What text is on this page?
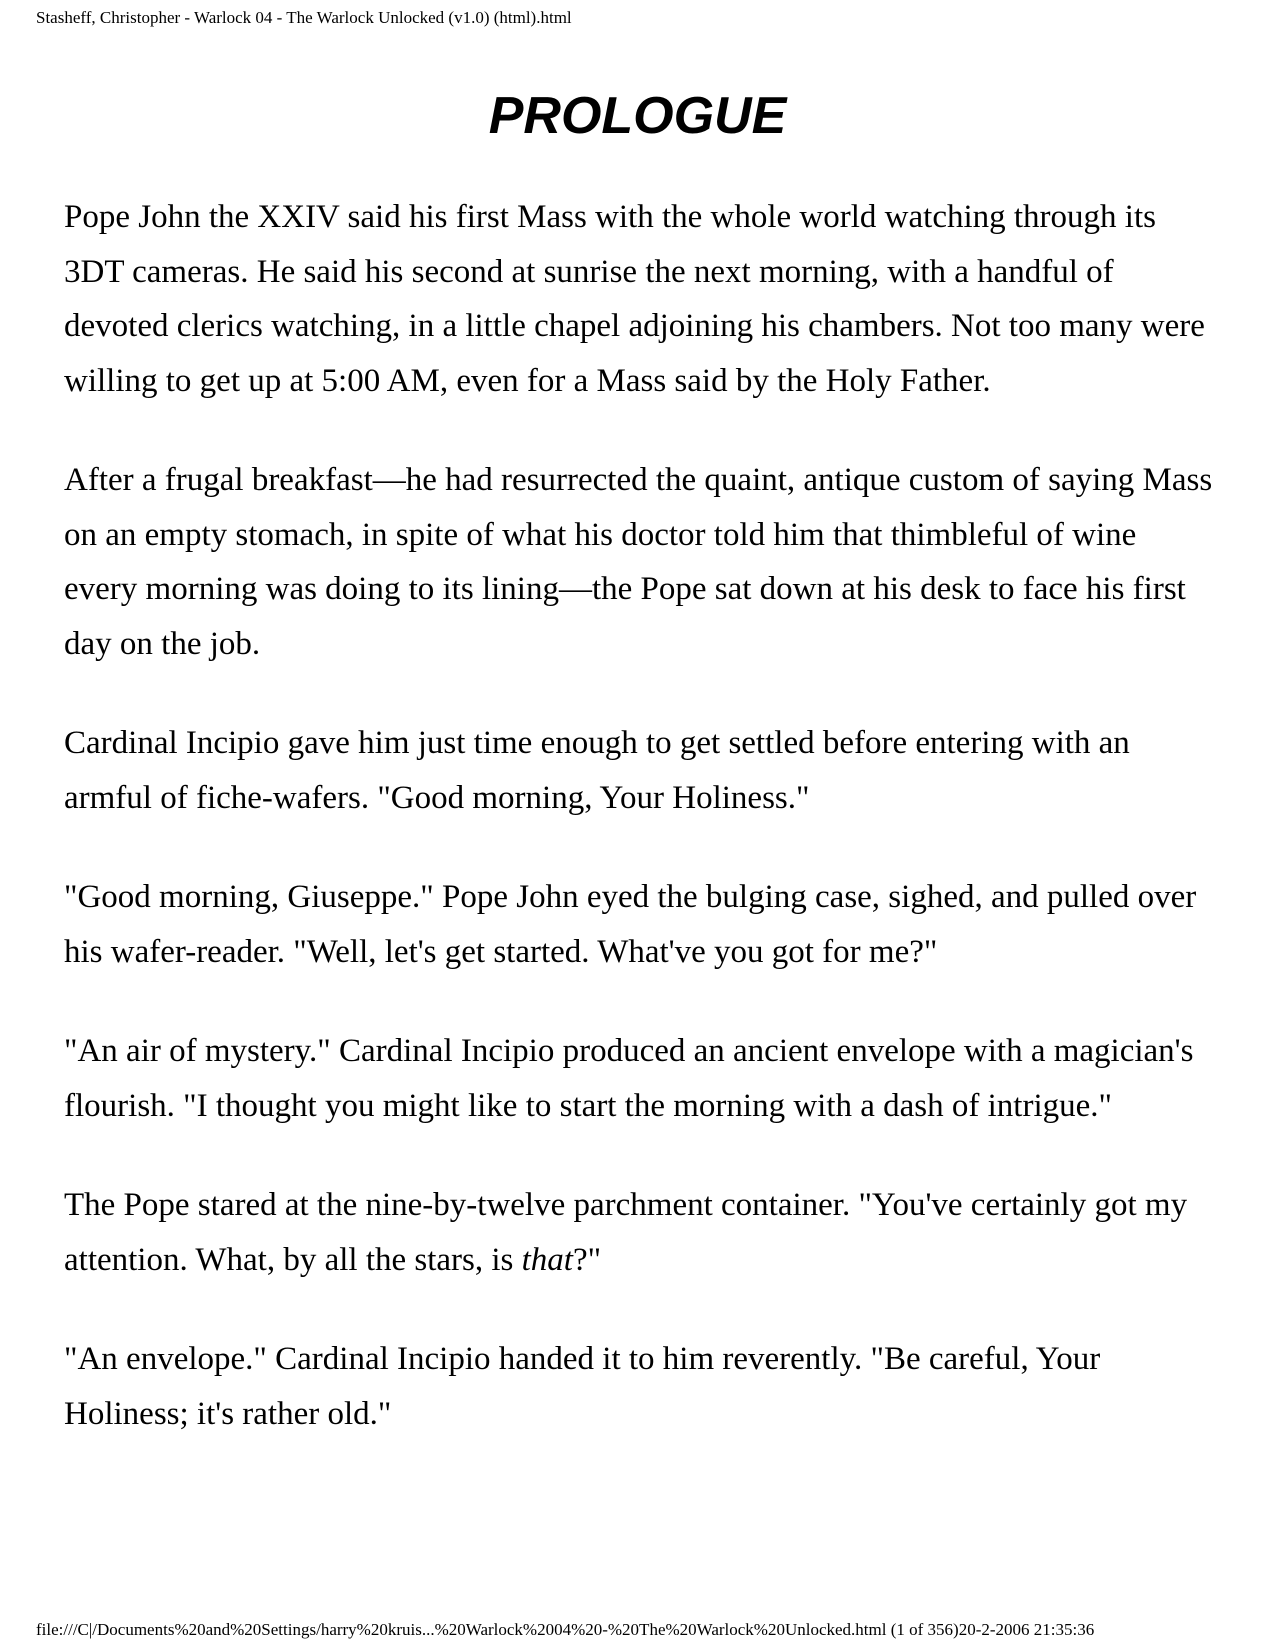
Stasheff, Christopher - Warlock 04 - The Warlock Unlocked (v1.0) (html).html
PROLOGUE

Pope John the XXIV said his first Mass with the whole world watching through its 3DT cameras. He said his second at sunrise the next morning, with a handful of devoted clerics watching, in a little chapel adjoining his chambers. Not too many were willing to get up at 5:00 AM, even for a Mass said by the Holy Father.

After a frugal breakfast—he had resurrected the quaint, antique custom of saying Mass on an empty stomach, in spite of what his doctor told him that thimbleful of wine every morning was doing to its lining—the Pope sat down at his desk to face his first day on the job.

Cardinal Incipio gave him just time enough to get settled before entering with an armful of fiche-wafers. "Good morning, Your Holiness."

"Good morning, Giuseppe." Pope John eyed the bulging case, sighed, and pulled over his wafer-reader. "Well, let's get started. What've you got for me?"

"An air of mystery." Cardinal Incipio produced an ancient envelope with a magician's flourish. "I thought you might like to start the morning with a dash of intrigue."

The Pope stared at the nine-by-twelve parchment container. "You've certainly got my attention. What, by all the stars, is that?"

"An envelope." Cardinal Incipio handed it to him reverently. "Be careful, Your Holiness; it's rather old."

file:///C|/Documents%20and%20Settings/harry%20kruis...%20Warlock%2004%20-%20The%20Warlock%20Unlocked.html (1 of 356)20-2-2006 21:35:36
